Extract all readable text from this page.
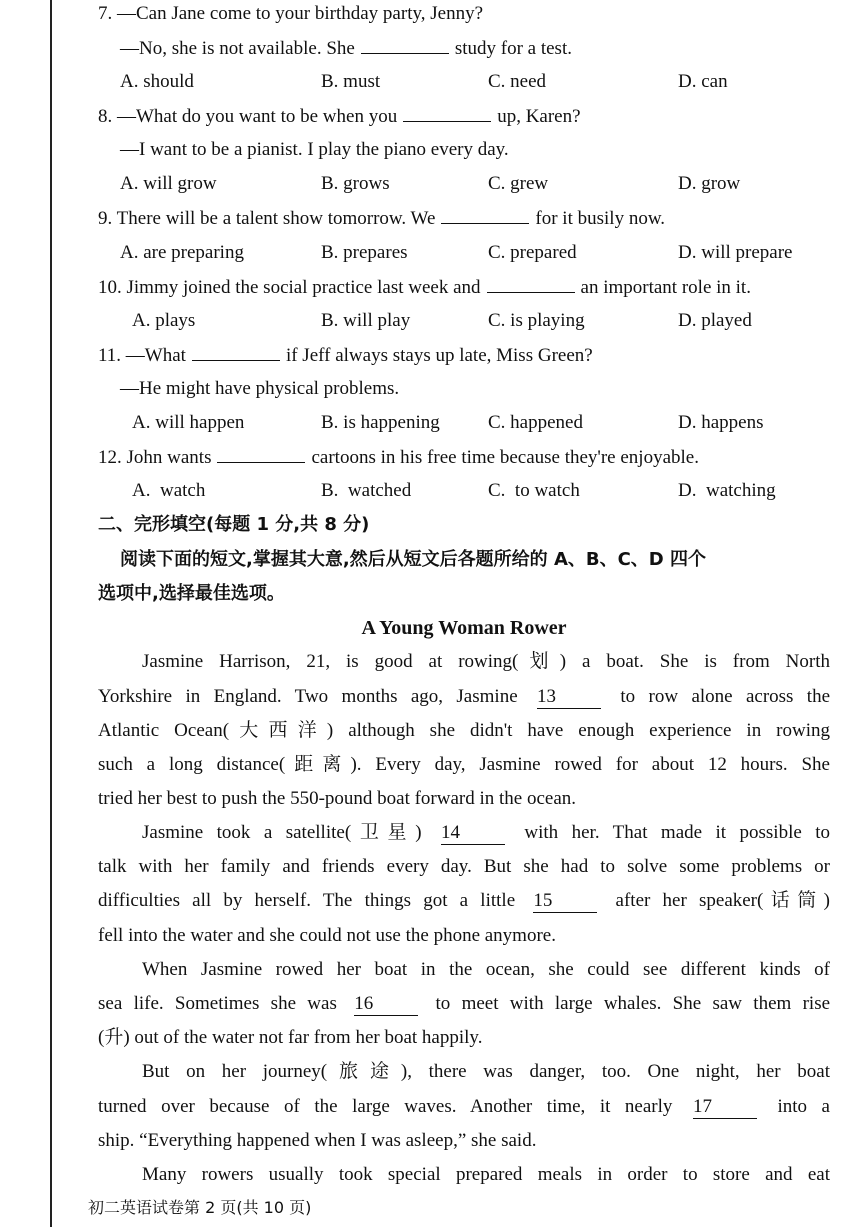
7. —Can Jane come to your birthday party, Jenny?
—No, she is not available. She	study for a test.
A. should	B. must	C. need	D. can
8. —What do you want to be when you	up, Karen?
—I want to be a pianist. I play the piano every day.
A. will grow	B. grows	C. grew	D. grow
9. There will be a talent show tomorrow. We	for it busily now.
A. are preparing	B. prepares	C. prepared	D. will prepare
10. Jimmy joined the social practice last week and	an important role in it.
A. plays	B. will play	C. is playing	D. played
11. —What	if Jeff always stays up late, Miss Green?
—He might have physical problems.
A. will happen	B. is happening	C. happened	D. happens
12. John wants	cartoons in his free time because they're enjoyable.
A.  watch	B.  watched	C.  to watch	D.  watching
二、完形填空(每题 1 分,共 8 分)
阅读下面的短文,掌握其大意,然后从短文后各题所给的 A、B、C、D 四个
选项中,选择最佳选项。
A Young Woman Rower
Jasmine Harrison, 21, is good at rowing(划) a boat. She is from North
Yorkshire in England. Two months ago, Jasmine 13	to row alone across the
Atlantic Ocean(大西洋) although she didn't have enough experience in rowing
such a long distance(距离). Every day, Jasmine rowed for about 12 hours. She
tried her best to push the 550-pound boat forward in the ocean.
Jasmine took a satellite(卫星) 14	with her. That made it possible to
talk with her family and friends every day. But she had to solve some problems or
difficulties all by herself. The things got a little 15	after her speaker(话筒)
fell into the water and she could not use the phone anymore.
When Jasmine rowed her boat in the ocean, she could see different kinds of
sea life. Sometimes she was 16	to meet with large whales. She saw them rise
(升) out of the water not far from her boat happily.
But on her journey(旅途), there was danger, too. One night, her boat
turned over because of the large waves. Another time, it nearly 17	into a
ship. “Everything happened when I was asleep,” she said.
Many rowers usually took special prepared meals in order to store and eat
初二英语试卷第 2 页(共 10 页)
